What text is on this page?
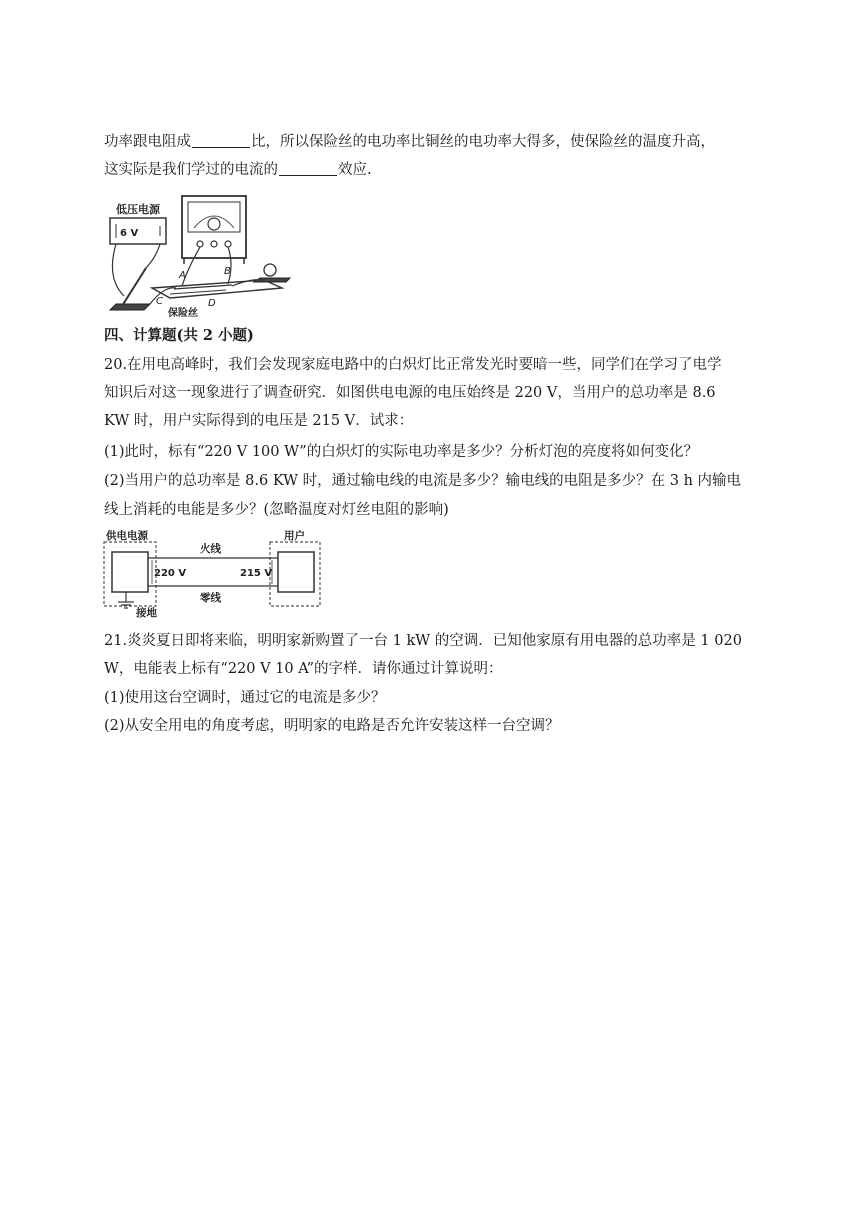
功率跟电阻成	比，所以保险丝的电功率比铜丝的电功率大得多，使保险丝的温度升高，
这实际是我们学过的电流的	效应.
低压电源
6 V
A	B
C	D
保险丝
四、计算题(共 2 小题)
20.在用电高峰时，我们会发现家庭电路中的白炽灯比正常发光时要暗一些，同学们在学习了电学
知识后对这一现象进行了调查研究．如图供电电源的电压始终是 220 V，当用户的总功率是 8.6
KW 时，用户实际得到的电压是 215 V．试求：
(1)此时，标有“220 V 100 W”的白炽灯的实际电功率是多少？分析灯泡的亮度将如何变化？
(2)当用户的总功率是 8.6 KW 时，通过输电线的电流是多少？输电线的电阻是多少？在 3 h 内输电
线上消耗的电能是多少？(忽略温度对灯丝电阻的影响)
供电电源	用户
火线
零线
220 V	215 V
接地
21.炎炎夏日即将来临，明明家新购置了一台 1 kW 的空调．已知他家原有用电器的总功率是 1 020
W，电能表上标有“220 V 10 A”的字样．请你通过计算说明：
(1)使用这台空调时，通过它的电流是多少？
(2)从安全用电的角度考虑，明明家的电路是否允许安装这样一台空调？
